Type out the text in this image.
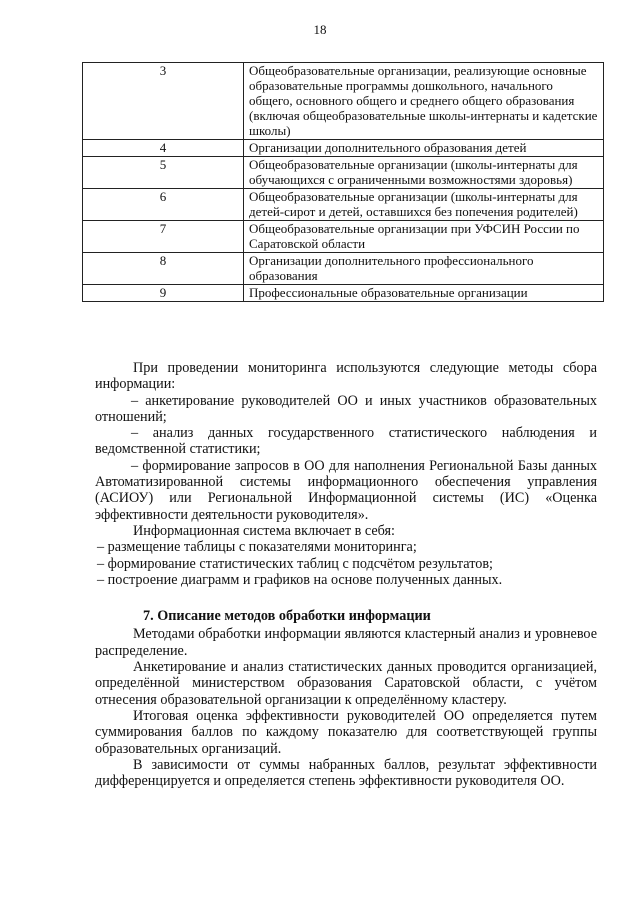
18
3	Общеобразовательные организации, реализующие основные образовательные программы дошкольного, начального общего, основного общего и среднего общего образования (включая общеобразовательные школы-интернаты и кадетские школы)
4	Организации дополнительного образования детей
5	Общеобразовательные организации (школы-интернаты для обучающихся с ограниченными возможностями здоровья)
6	Общеобразовательные организации (школы-интернаты для детей-сирот и детей, оставшихся без попечения родителей)
7	Общеобразовательные организации при УФСИН России по Саратовской области
8	Организации дополнительного профессионального образования
9	Профессиональные образовательные организации

При проведении мониторинга используются следующие методы сбора информации:

– анкетирование руководителей ОО и иных участников образовательных отношений;

– анализ данных государственного статистического наблюдения и ведомственной статистики;

– формирование запросов в ОО для наполнения Региональной Базы данных Автоматизированной системы информационного обеспечения управления (АСИОУ) или Региональной Информационной системы (ИС) «Оценка эффективности деятельности руководителя».

Информационная система включает в себя:

– размещение таблицы с показателями мониторинга;

– формирование статистических таблиц с подсчётом результатов;

– построение диаграмм и графиков на основе полученных данных.

7. Описание методов обработки информации

Методами обработки информации являются кластерный анализ и уровневое распределение.

Анкетирование и анализ статистических данных проводится организацией, определённой министерством образования Саратовской области, с учётом отнесения образовательной организации к определённому кластеру.

Итоговая оценка эффективности руководителей ОО определяется путем суммирования баллов по каждому показателю для соответствующей группы образовательных организаций.

В зависимости от суммы набранных баллов, результат эффективности дифференцируется и определяется степень эффективности руководителя ОО.
